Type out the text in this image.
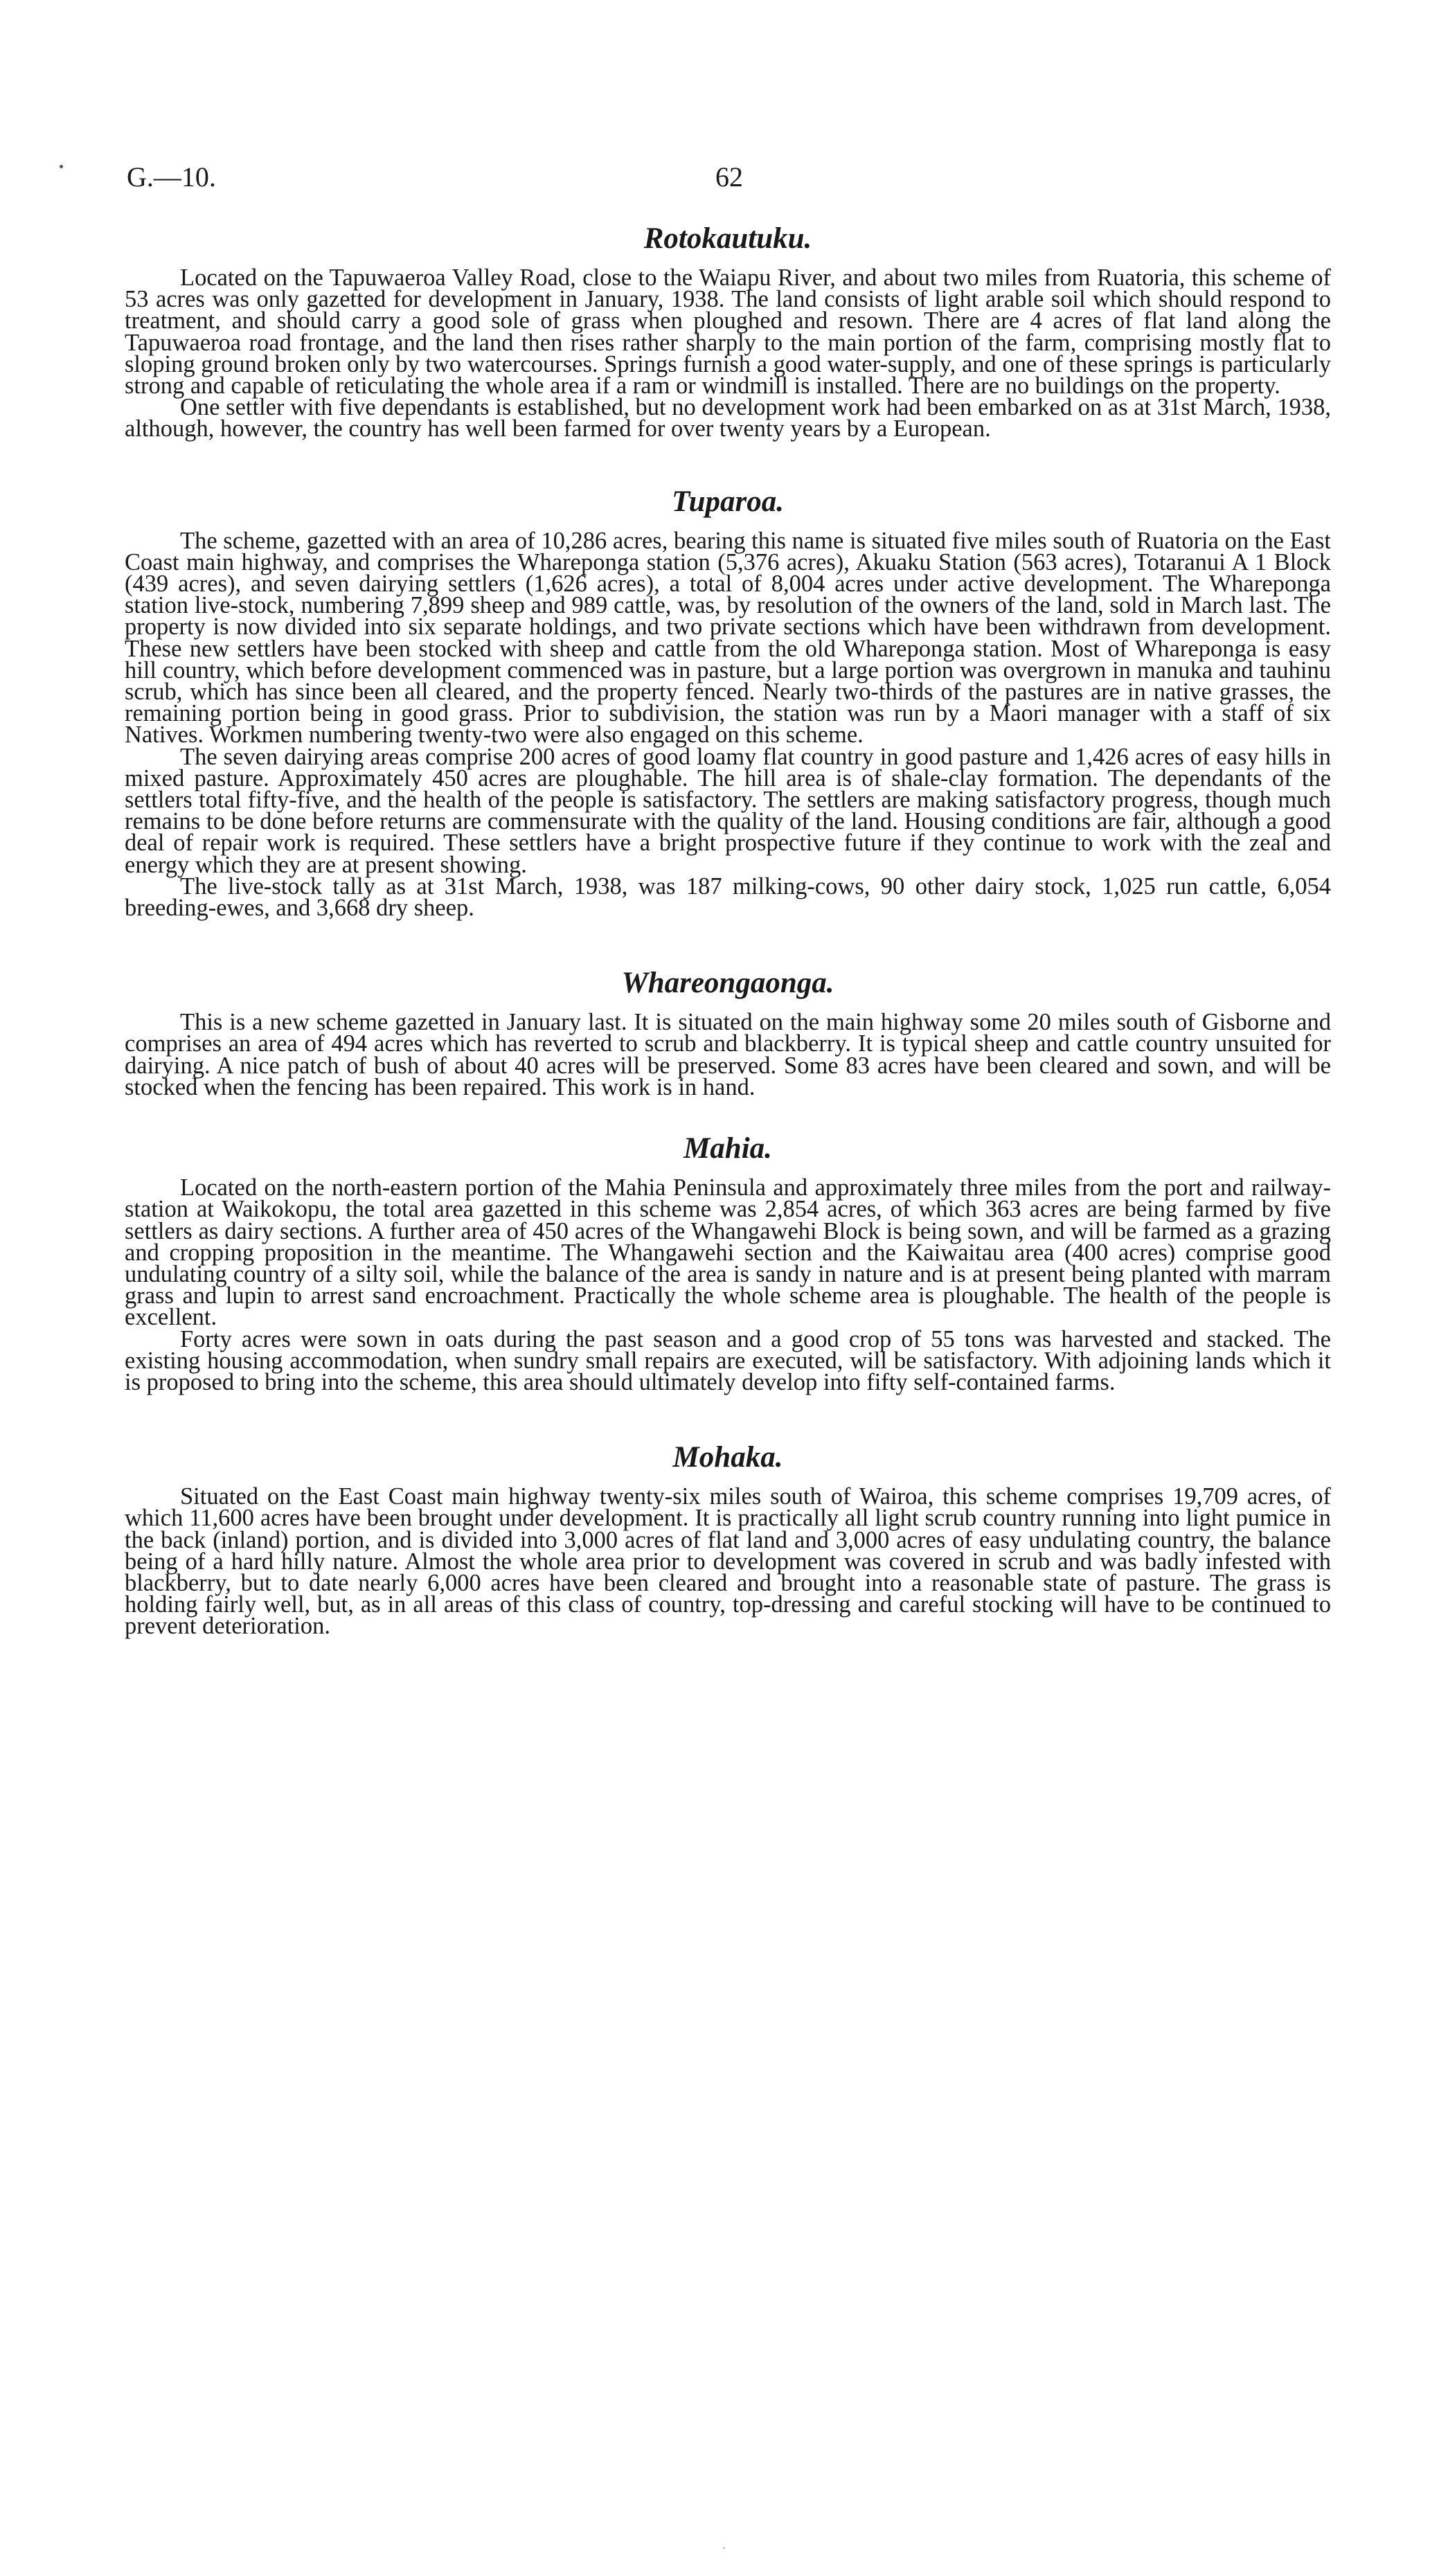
G.—10.	62
Rotokautuku.

Located on the Tapuwaeroa Valley Road, close to the Waiapu River, and about two miles from Ruatoria, this scheme of 53 acres was only gazetted for development in January, 1938. The land consists of light arable soil which should respond to treatment, and should carry a good sole of grass when ploughed and resown. There are 4 acres of flat land along the Tapuwaeroa road frontage, and the land then rises rather sharply to the main portion of the farm, comprising mostly flat to sloping ground broken only by two watercourses. Springs furnish a good water-supply, and one of these springs is particularly strong and capable of reticulating the whole area if a ram or windmill is installed. There are no buildings on the property.

One settler with five dependants is established, but no development work had been embarked on as at 31st March, 1938, although, however, the country has well been farmed for over twenty years by a European.

Tuparoa.

The scheme, gazetted with an area of 10,286 acres, bearing this name is situated five miles south of Ruatoria on the East Coast main highway, and comprises the Whareponga station (5,376 acres), Akuaku Station (563 acres), Totaranui A 1 Block (439 acres), and seven dairying settlers (1,626 acres), a total of 8,004 acres under active development. The Whareponga station live-stock, numbering 7,899 sheep and 989 cattle, was, by resolution of the owners of the land, sold in March last. The property is now divided into six separate holdings, and two private sections which have been withdrawn from development. These new settlers have been stocked with sheep and cattle from the old Whareponga station. Most of Whareponga is easy hill country, which before development commenced was in pasture, but a large portion was overgrown in manuka and tauhinu scrub, which has since been all cleared, and the property fenced. Nearly two-thirds of the pastures are in native grasses, the remaining portion being in good grass. Prior to subdivision, the station was run by a Maori manager with a staff of six Natives. Workmen numbering twenty-two were also engaged on this scheme.

The seven dairying areas comprise 200 acres of good loamy flat country in good pasture and 1,426 acres of easy hills in mixed pasture. Approximately 450 acres are ploughable. The hill area is of shale-clay formation. The dependants of the settlers total fifty-five, and the health of the people is satisfactory. The settlers are making satisfactory progress, though much remains to be done before returns are commensurate with the quality of the land. Housing conditions are fair, although a good deal of repair work is required. These settlers have a bright prospective future if they continue to work with the zeal and energy which they are at present showing.

The live-stock tally as at 31st March, 1938, was 187 milking-cows, 90 other dairy stock, 1,025 run cattle, 6,054 breeding-ewes, and 3,668 dry sheep.

Whareongaonga.

This is a new scheme gazetted in January last. It is situated on the main highway some 20 miles south of Gisborne and comprises an area of 494 acres which has reverted to scrub and blackberry. It is typical sheep and cattle country unsuited for dairying. A nice patch of bush of about 40 acres will be preserved. Some 83 acres have been cleared and sown, and will be stocked when the fencing has been repaired. This work is in hand.

Mahia.

Located on the north-eastern portion of the Mahia Peninsula and approximately three miles from the port and railway-station at Waikokopu, the total area gazetted in this scheme was 2,854 acres, of which 363 acres are being farmed by five settlers as dairy sections. A further area of 450 acres of the Whangawehi Block is being sown, and will be farmed as a grazing and cropping proposition in the meantime. The Whangawehi section and the Kaiwaitau area (400 acres) comprise good undulating country of a silty soil, while the balance of the area is sandy in nature and is at present being planted with marram grass and lupin to arrest sand encroachment. Practically the whole scheme area is ploughable. The health of the people is excellent.

Forty acres were sown in oats during the past season and a good crop of 55 tons was harvested and stacked. The existing housing accommodation, when sundry small repairs are executed, will be satisfactory. With adjoining lands which it is proposed to bring into the scheme, this area should ultimately develop into fifty self-contained farms.

Mohaka.

Situated on the East Coast main highway twenty-six miles south of Wairoa, this scheme comprises 19,709 acres, of which 11,600 acres have been brought under development. It is practically all light scrub country running into light pumice in the back (inland) portion, and is divided into 3,000 acres of flat land and 3,000 acres of easy undulating country, the balance being of a hard hilly nature. Almost the whole area prior to development was covered in scrub and was badly infested with blackberry, but to date nearly 6,000 acres have been cleared and brought into a reasonable state of pasture. The grass is holding fairly well, but, as in all areas of this class of country, top-dressing and careful stocking will have to be continued to prevent deterioration.
